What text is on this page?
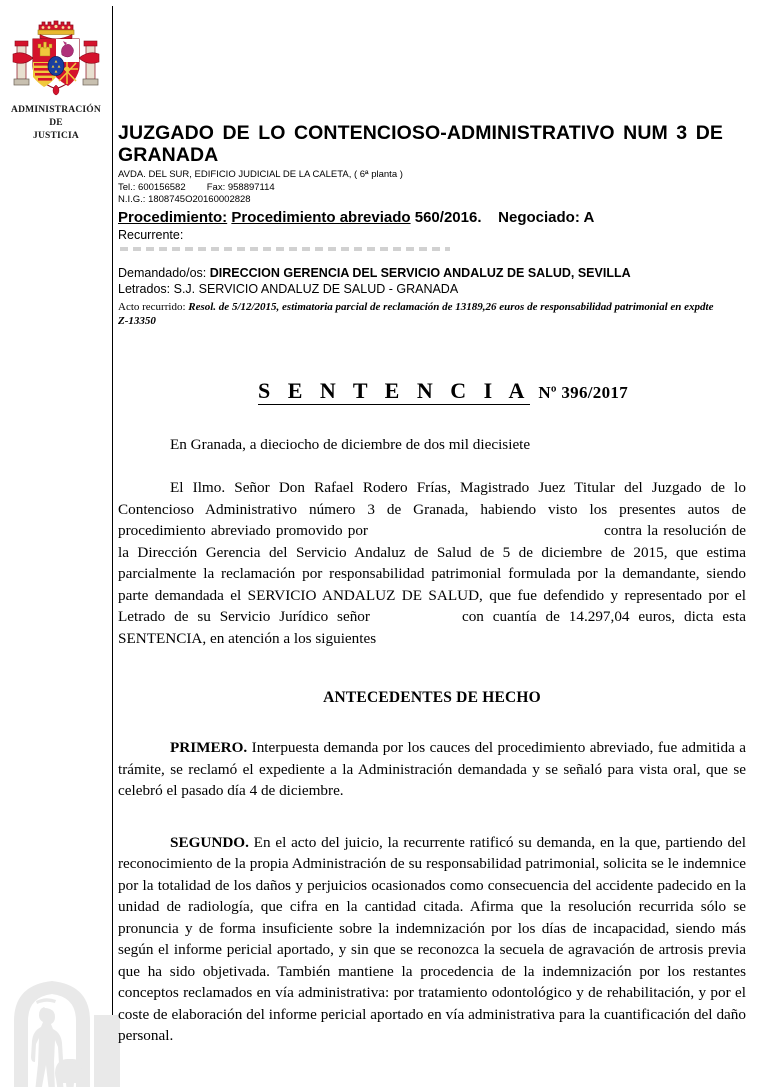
ADMINISTRACIÓN
DE
JUSTICIA	JUZGADO DE LO CONTENCIOSO-ADMINISTRATIVO NUM 3 DE
GRANADA
AVDA. DEL SUR, EDIFICIO JUDICIAL DE LA CALETA, ( 6ª planta )
Tel.: 600156582        Fax: 958897114
N.I.G.: 1808745O20160002828
Procedimiento: Procedimiento abreviado 560/2016. Negociado: A
Recurrente:
Demandado/os: DIRECCION GERENCIA DEL SERVICIO ANDALUZ DE SALUD, SEVILLA
Letrados: S.J. SERVICIO ANDALUZ DE SALUD - GRANADA
Acto recurrido: Resol. de 5/12/2015, estimatoria parcial de reclamación de 13189,26 euros de responsabilidad patrimonial en expdte Z-13350
S E N T E N C I A Nº 396/2017

En Granada, a dieciocho de diciembre de dos mil diecisiete

El Ilmo. Señor Don Rafael Rodero Frías, Magistrado Juez Titular del Juzgado de lo Contencioso Administrativo número 3 de Granada, habiendo visto los presentes autos de procedimiento abreviado promovido por	contra la resolución de la Dirección Gerencia del Servicio Andaluz de Salud de 5 de diciembre de 2015, que estima parcialmente la reclamación por responsabilidad patrimonial formulada por la demandante, siendo parte demandada el SERVICIO ANDALUZ DE SALUD, que fue defendido y representado por el Letrado de su Servicio Jurídico señor	con cuantía de 14.297,04 euros, dicta esta SENTENCIA, en atención a los siguientes

ANTECEDENTES DE HECHO

PRIMERO. Interpuesta demanda por los cauces del procedimiento abreviado, fue admitida a trámite, se reclamó el expediente a la Administración demandada y se señaló para vista oral, que se celebró el pasado día 4 de diciembre.

SEGUNDO. En el acto del juicio, la recurrente ratificó su demanda, en la que, partiendo del reconocimiento de la propia Administración de su responsabilidad patrimonial, solicita se le indemnice por la totalidad de los daños y perjuicios ocasionados como consecuencia del accidente padecido en la unidad de radiología, que cifra en la cantidad citada. Afirma que la resolución recurrida sólo se pronuncia y de forma insuficiente sobre la indemnización por los días de incapacidad, siendo más según el informe pericial aportado, y sin que se reconozca la secuela de agravación de artrosis previa que ha sido objetivada. También mantiene la procedencia de la indemnización por los restantes conceptos reclamados en vía administrativa: por tratamiento odontológico y de rehabilitación, y por el coste de elaboración del informe pericial aportado en vía administrativa para la cuantificación del daño personal.
